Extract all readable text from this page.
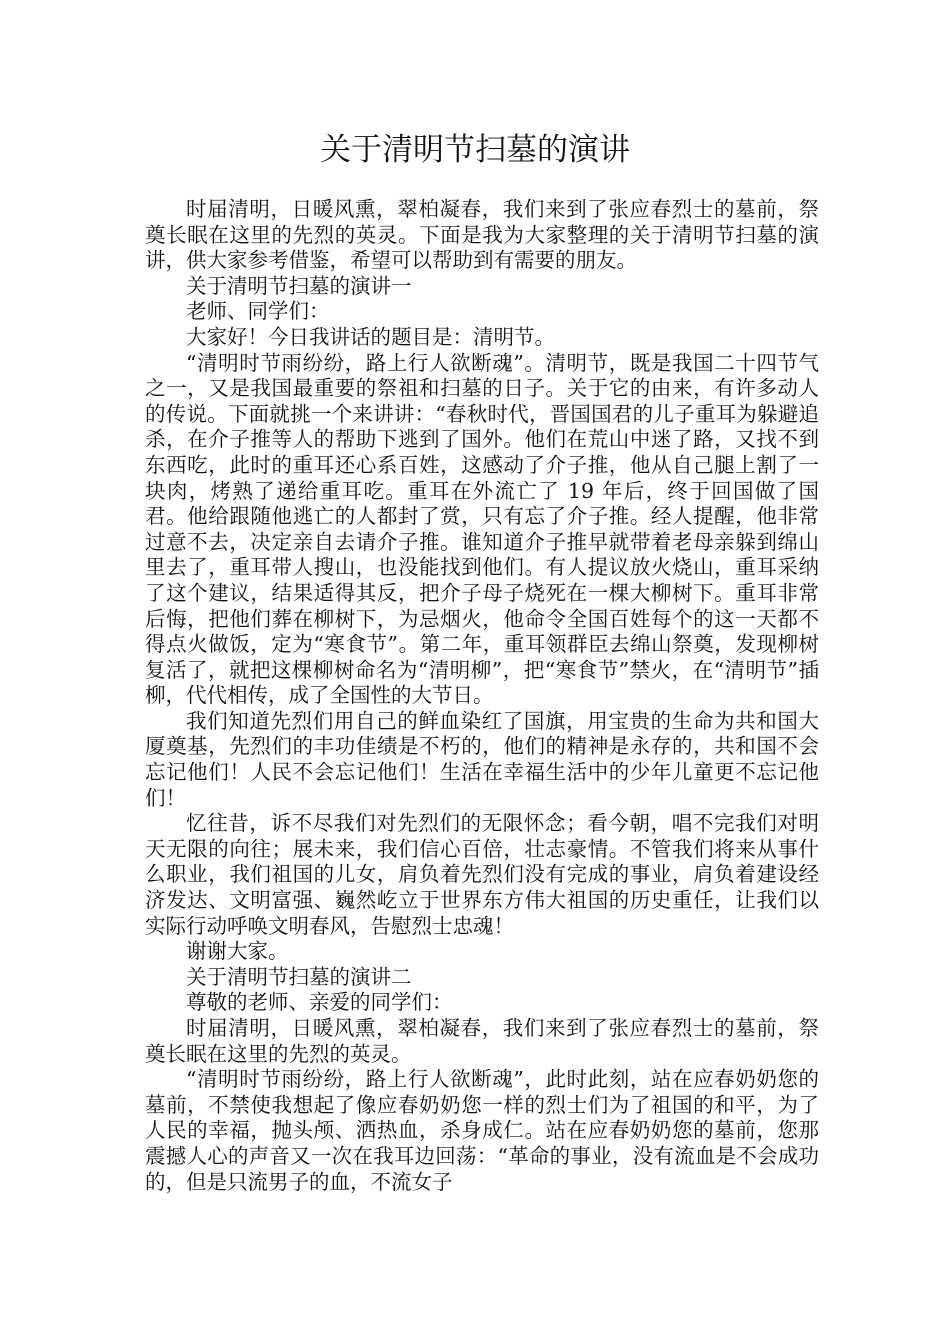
关于清明节扫墓的演讲

时届清明，日暖风熏，翠柏凝春，我们来到了张应春烈士的墓前，祭奠长眠在这里的先烈的英灵。下面是我为大家整理的关于清明节扫墓的演讲，供大家参考借鉴，希望可以帮助到有需要的朋友。

关于清明节扫墓的演讲一

老师、同学们：

大家好！今日我讲话的题目是：清明节。

“清明时节雨纷纷，路上行人欲断魂”。清明节，既是我国二十四节气之一，又是我国最重要的祭祖和扫墓的日子。关于它的由来，有许多动人的传说。下面就挑一个来讲讲：“春秋时代，晋国国君的儿子重耳为躲避追杀，在介子推等人的帮助下逃到了国外。他们在荒山中迷了路，又找不到东西吃，此时的重耳还心系百姓，这感动了介子推，他从自己腿上割了一块肉，烤熟了递给重耳吃。重耳在外流亡了 19 年后，终于回国做了国君。他给跟随他逃亡的人都封了赏，只有忘了介子推。经人提醒，他非常过意不去，决定亲自去请介子推。谁知道介子推早就带着老母亲躲到绵山里去了，重耳带人搜山，也没能找到他们。有人提议放火烧山，重耳采纳了这个建议，结果适得其反，把介子母子烧死在一棵大柳树下。重耳非常后悔，把他们葬在柳树下，为忌烟火，他命令全国百姓每个的这一天都不得点火做饭，定为“寒食节”。第二年，重耳领群臣去绵山祭奠，发现柳树复活了，就把这棵柳树命名为“清明柳”，把“寒食节”禁火，在“清明节”插柳，代代相传，成了全国性的大节日。

我们知道先烈们用自己的鲜血染红了国旗，用宝贵的生命为共和国大厦奠基，先烈们的丰功佳绩是不朽的，他们的精神是永存的，共和国不会忘记他们！人民不会忘记他们！生活在幸福生活中的少年儿童更不忘记他们！

忆往昔，诉不尽我们对先烈们的无限怀念；看今朝，唱不完我们对明天无限的向往；展未来，我们信心百倍，壮志豪情。不管我们将来从事什么职业，我们祖国的儿女，肩负着先烈们没有完成的事业，肩负着建设经济发达、文明富强、巍然屹立于世界东方伟大祖国的历史重任，让我们以实际行动呼唤文明春风，告慰烈士忠魂！

谢谢大家。

关于清明节扫墓的演讲二

尊敬的老师、亲爱的同学们：

时届清明，日暖风熏，翠柏凝春，我们来到了张应春烈士的墓前，祭奠长眠在这里的先烈的英灵。

“清明时节雨纷纷，路上行人欲断魂”，此时此刻，站在应春奶奶您的墓前，不禁使我想起了像应春奶奶您一样的烈士们为了祖国的和平，为了人民的幸福，抛头颅、洒热血，杀身成仁。站在应春奶奶您的墓前，您那震撼人心的声音又一次在我耳边回荡：“革命的事业，没有流血是不会成功的，但是只流男子的血，不流女子
